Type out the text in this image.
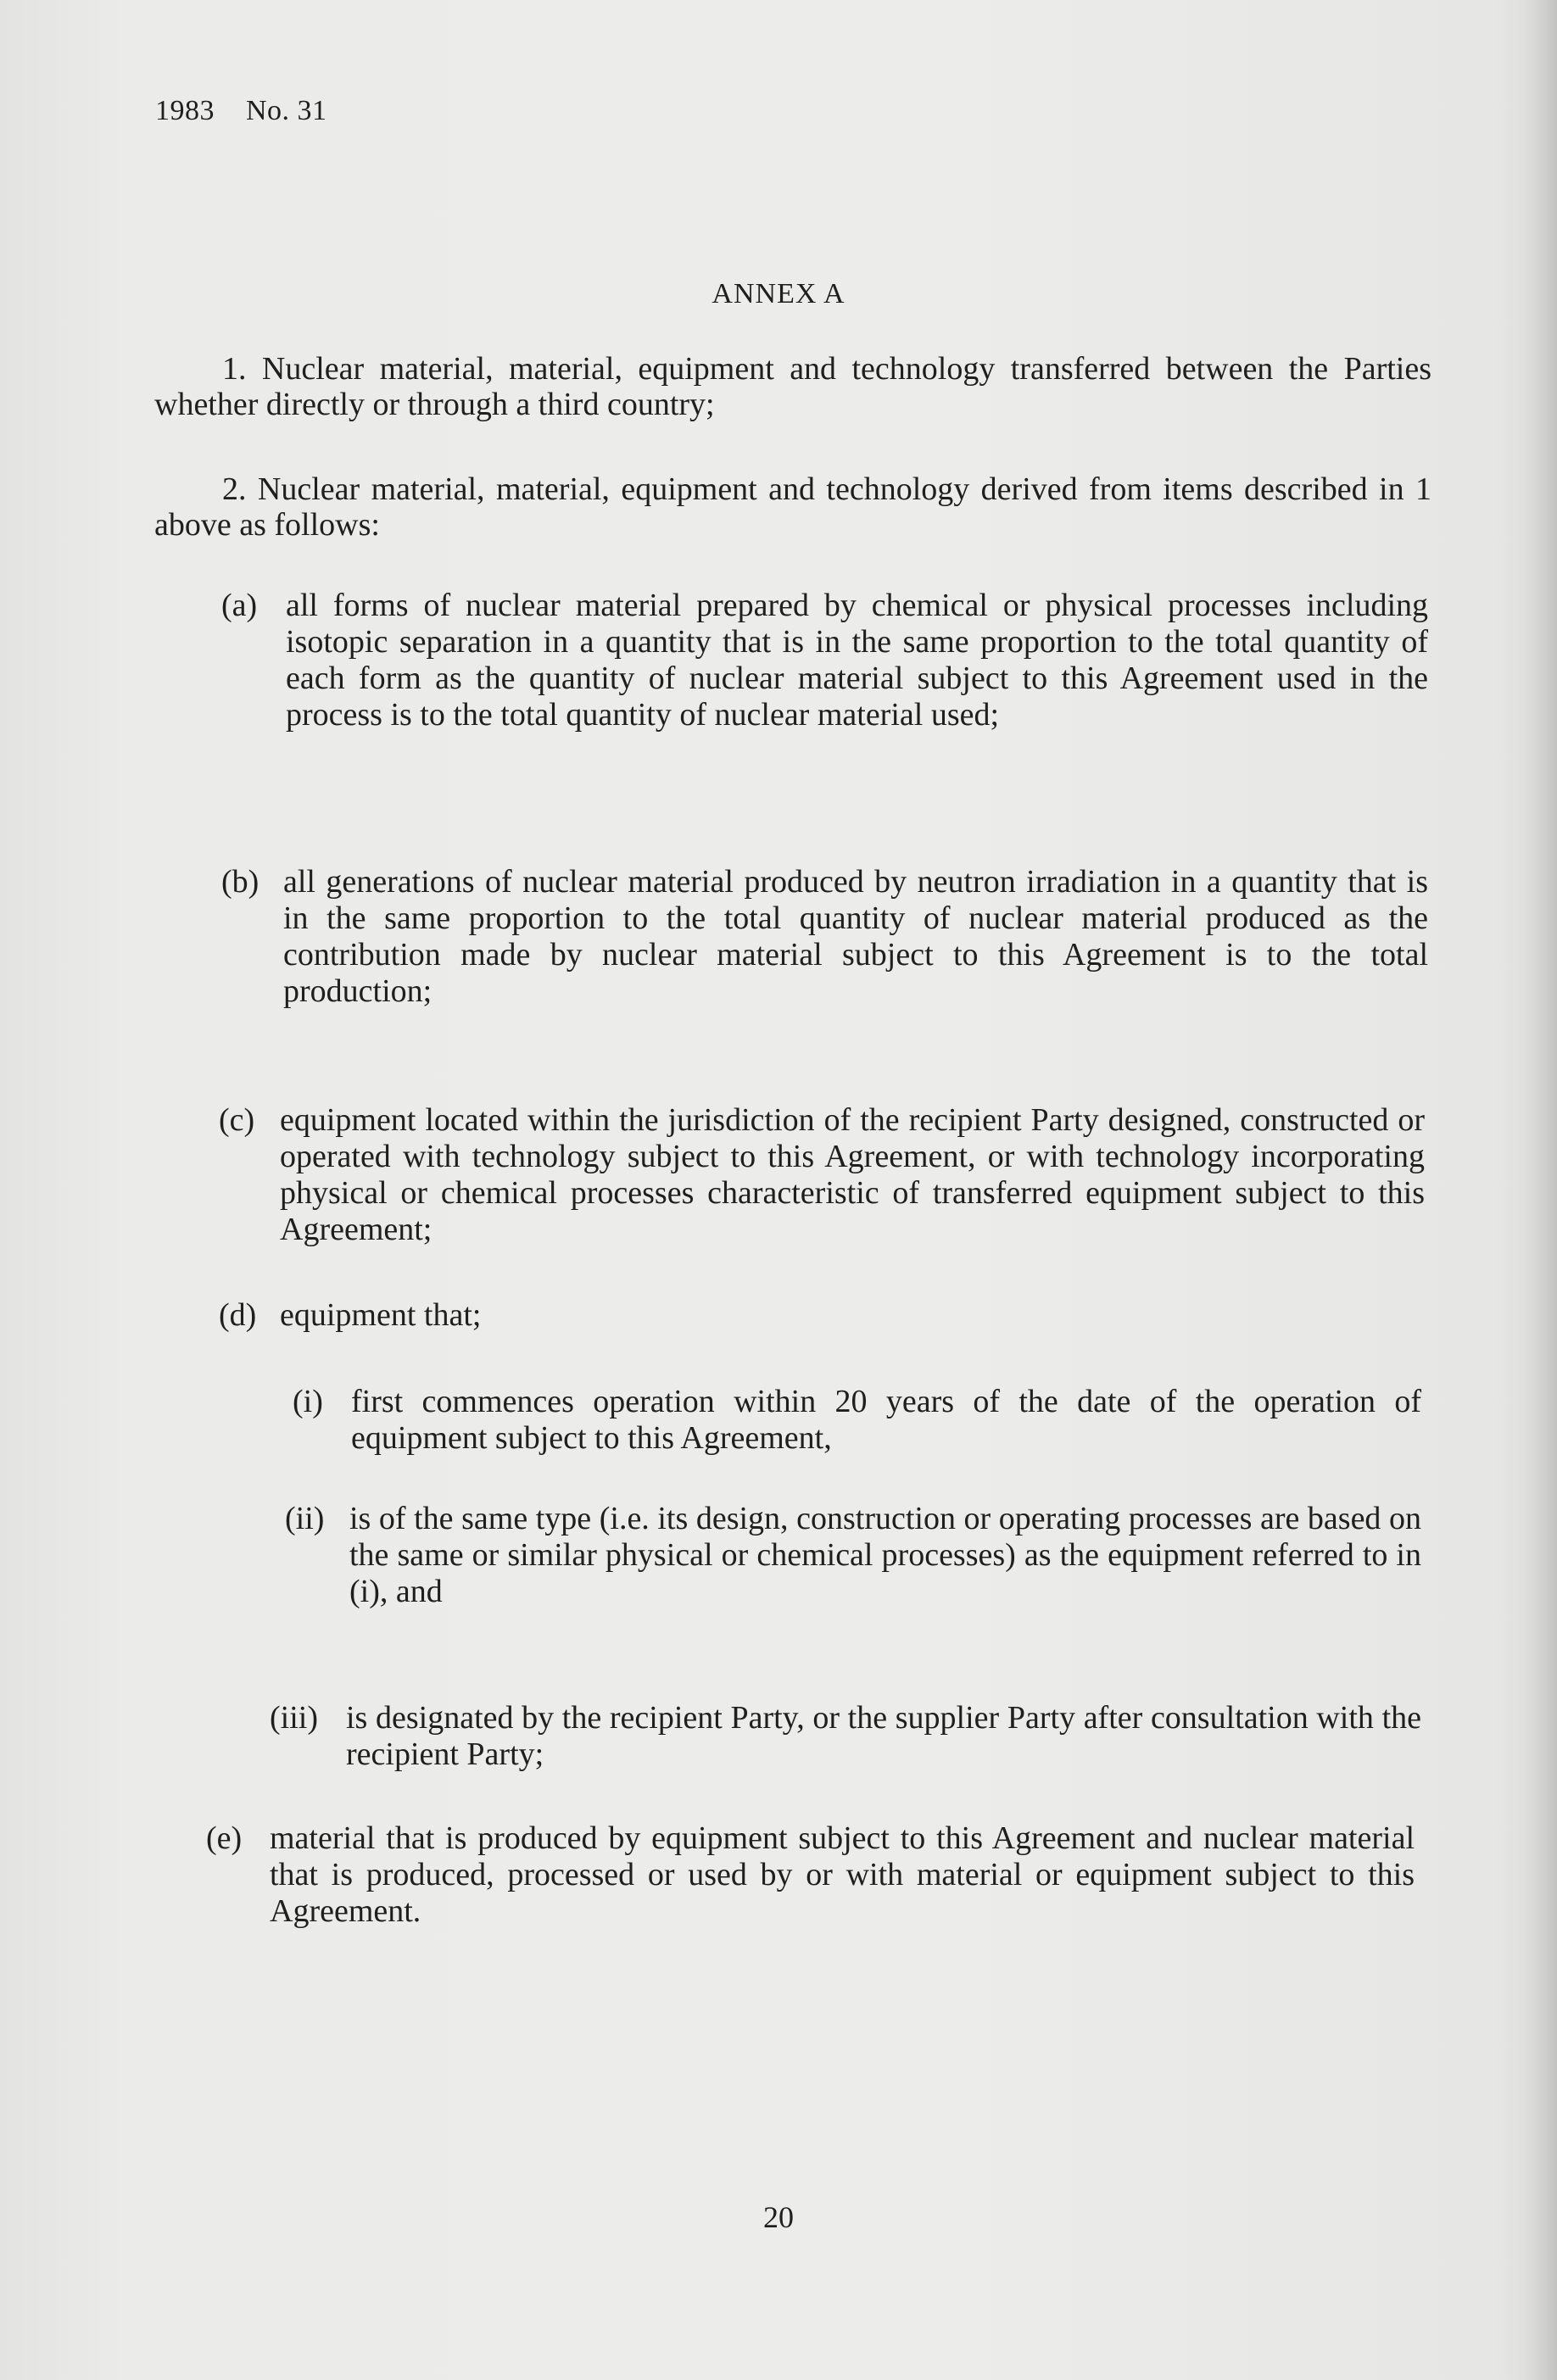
1983 No. 31
ANNEX A
1. Nuclear material, material, equipment and technology transferred between the Parties whether directly or through a third country;
2. Nuclear material, material, equipment and technology derived from items described in 1 above as follows:
(a) all forms of nuclear material prepared by chemical or physical processes including isotopic separation in a quantity that is in the same proportion to the total quantity of each form as the quantity of nuclear material subject to this Agreement used in the process is to the total quantity of nuclear material used;
(b) all generations of nuclear material produced by neutron irradiation in a quantity that is in the same proportion to the total quantity of nuclear material produced as the contribution made by nuclear material subject to this Agreement is to the total production;
(c) equipment located within the jurisdiction of the recipient Party designed, constructed or operated with technology subject to this Agreement, or with technology incorporating physical or chemical processes characteristic of transferred equipment subject to this Agreement;
(d) equipment that;
(i) first commences operation within 20 years of the date of the operation of equipment subject to this Agreement,
(ii) is of the same type (i.e. its design, construction or operating processes are based on the same or similar physical or chemical processes) as the equipment referred to in (i), and
(iii) is designated by the recipient Party, or the supplier Party after consultation with the recipient Party;
(e) material that is produced by equipment subject to this Agreement and nuclear material that is produced, processed or used by or with material or equipment subject to this Agreement.
20
